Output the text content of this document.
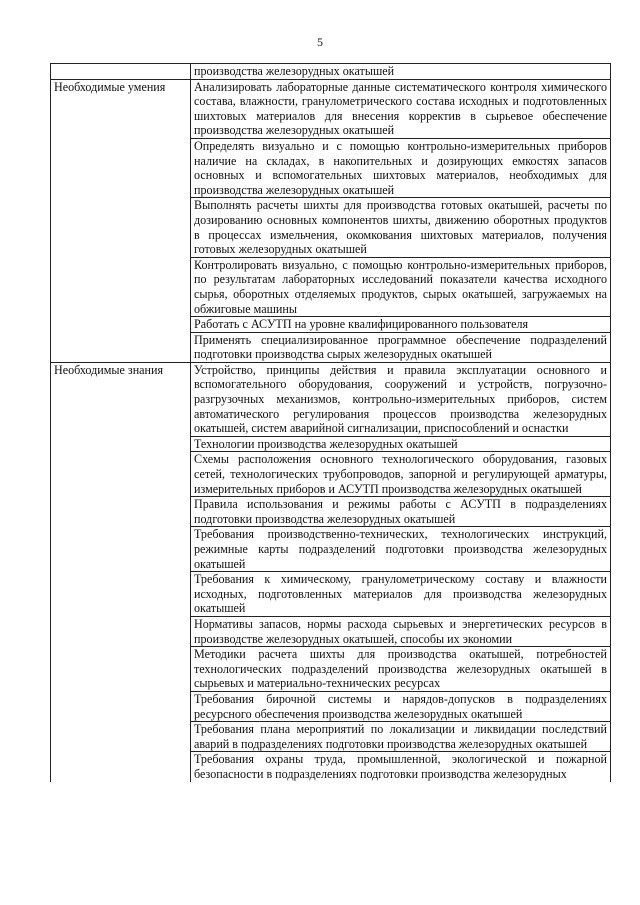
5
	производства железорудных окатышей
Необходимые умения	Анализировать лабораторные данные систематического контроля химического состава, влажности, гранулометрического состава исходных и подготовленных шихтовых материалов для внесения корректив в сырьевое обеспечение производства железорудных окатышей
	Определять визуально и с помощью контрольно-измерительных приборов наличие на складах, в накопительных и дозирующих емкостях запасов основных и вспомогательных шихтовых материалов, необходимых для производства железорудных окатышей
	Выполнять расчеты шихты для производства готовых окатышей, расчеты по дозированию основных компонентов шихты, движению оборотных продуктов в процессах измельчения, окомкования шихтовых материалов, получения готовых железорудных окатышей
	Контролировать визуально, с помощью контрольно-измерительных приборов, по результатам лабораторных исследований показатели качества исходного сырья, оборотных отделяемых продуктов, сырых окатышей, загружаемых на обжиговые машины
	Работать с АСУТП на уровне квалифицированного пользователя
	Применять специализированное программное обеспечение подразделений подготовки производства сырых железорудных окатышей
Необходимые знания	Устройство, принципы действия и правила эксплуатации основного и вспомогательного оборудования, сооружений и устройств, погрузочно-разгрузочных механизмов, контрольно-измерительных приборов, систем автоматического регулирования процессов производства железорудных окатышей, систем аварийной сигнализации, приспособлений и оснастки
	Технологии производства железорудных окатышей
	Схемы расположения основного технологического оборудования, газовых сетей, технологических трубопроводов, запорной и регулирующей арматуры, измерительных приборов и АСУТП производства железорудных окатышей
	Правила использования и режимы работы с АСУТП в подразделениях подготовки производства железорудных окатышей
	Требования производственно-технических, технологических инструкций, режимные карты подразделений подготовки производства железорудных окатышей
	Требования к химическому, гранулометрическому составу и влажности исходных, подготовленных материалов для производства железорудных окатышей
	Нормативы запасов, нормы расхода сырьевых и энергетических ресурсов в производстве железорудных окатышей, способы их экономии
	Методики расчета шихты для производства окатышей, потребностей технологических подразделений производства железорудных окатышей в сырьевых и материально-технических ресурсах
	Требования бирочной системы и нарядов-допусков в подразделениях ресурсного обеспечения производства железорудных окатышей
	Требования плана мероприятий по локализации и ликвидации последствий аварий в подразделениях подготовки производства железорудных окатышей
	Требования охраны труда, промышленной, экологической и пожарной безопасности в подразделениях подготовки производства железорудных
